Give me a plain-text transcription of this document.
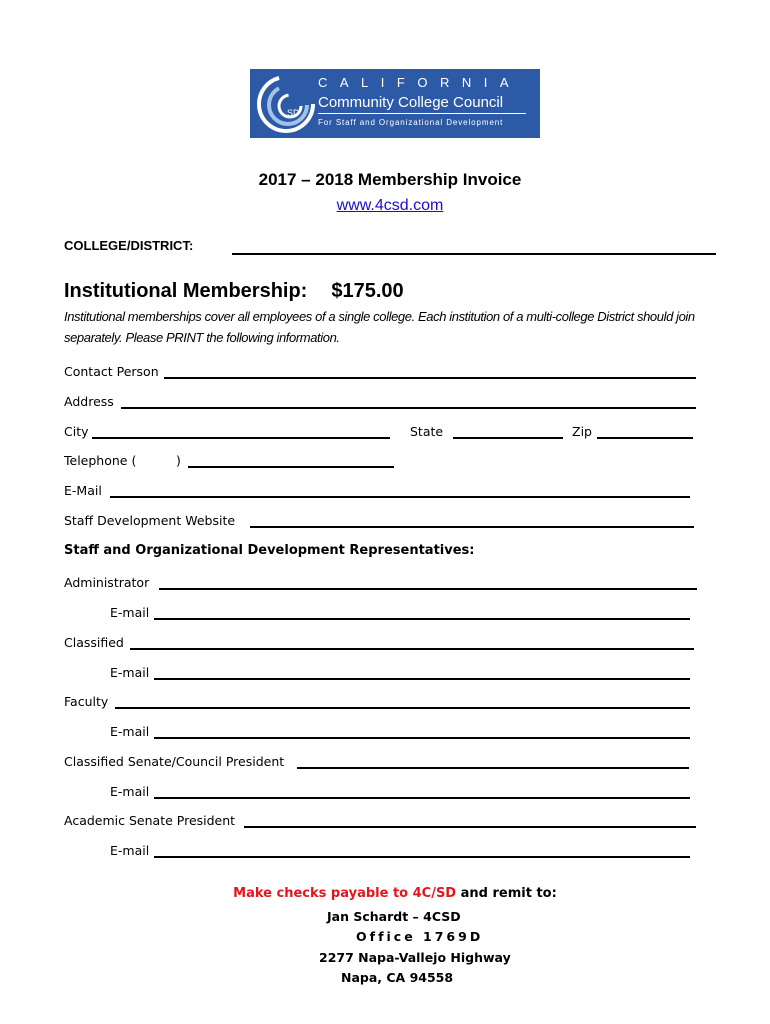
SD
CALIFORNIA
Community College Council
For Staff and Organizational Development
2017 – 2018 Membership Invoice
www.4csd.com
COLLEGE/DISTRICT:
Institutional Membership: $175.00
Institutional memberships cover all employees of a single college. Each institution of a multi-college District should join separately. Please PRINT the following information.
Contact Person
Address
City	State	Zip
Telephone (	)
E-Mail
Staff Development Website
Staff and Organizational Development Representatives:
Administrator
E-mail
Classified
E-mail
Faculty
E-mail
Classified Senate/Council President
E-mail
Academic Senate President
E-mail
Make checks payable to 4C/SD and remit to:
Jan Schardt – 4CSD
Office 1769D
2277 Napa-Vallejo Highway
Napa, CA 94558
